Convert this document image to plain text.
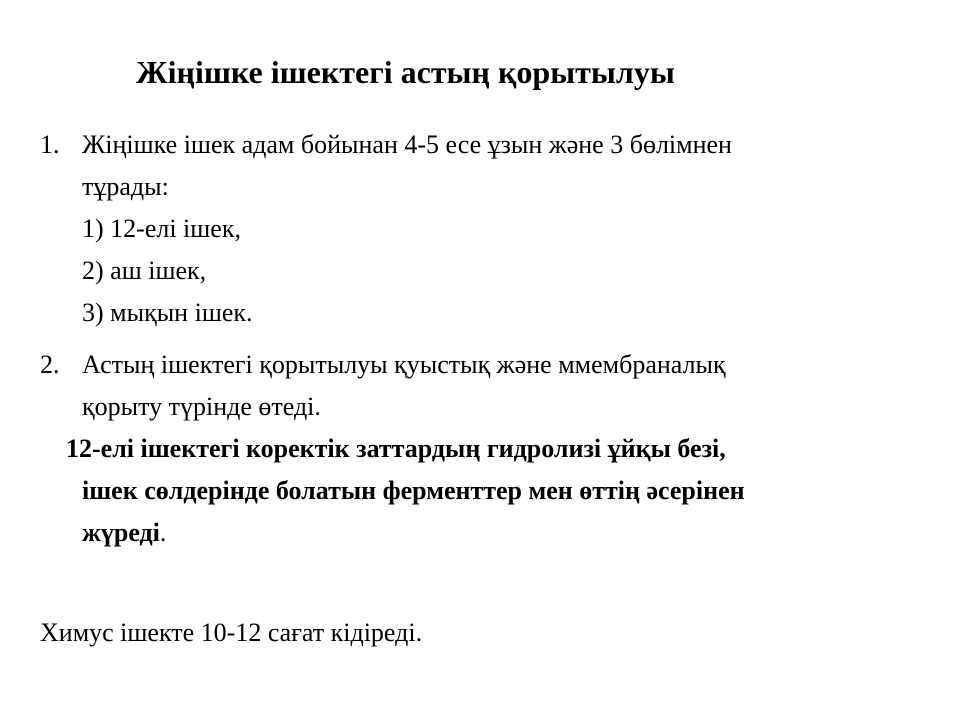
Жіңішке ішектегі астың қорытылуы
1. Жіңішке ішек адам бойынан 4-5 есе ұзын және 3 бөлімнен
тұрады:
1) 12-елі ішек,
2) аш ішек,
3) мықын ішек.
2. Астың ішектегі қорытылуы қуыстық және ммембраналық
қорыту түрінде өтеді.
12-елі ішектегі коректік заттардың гидролизі ұйқы безі,
ішек сөлдерінде болатын ферменттер мен өттің әсерінен
жүреді.
Химус ішекте 10-12 сағат кідіреді.
